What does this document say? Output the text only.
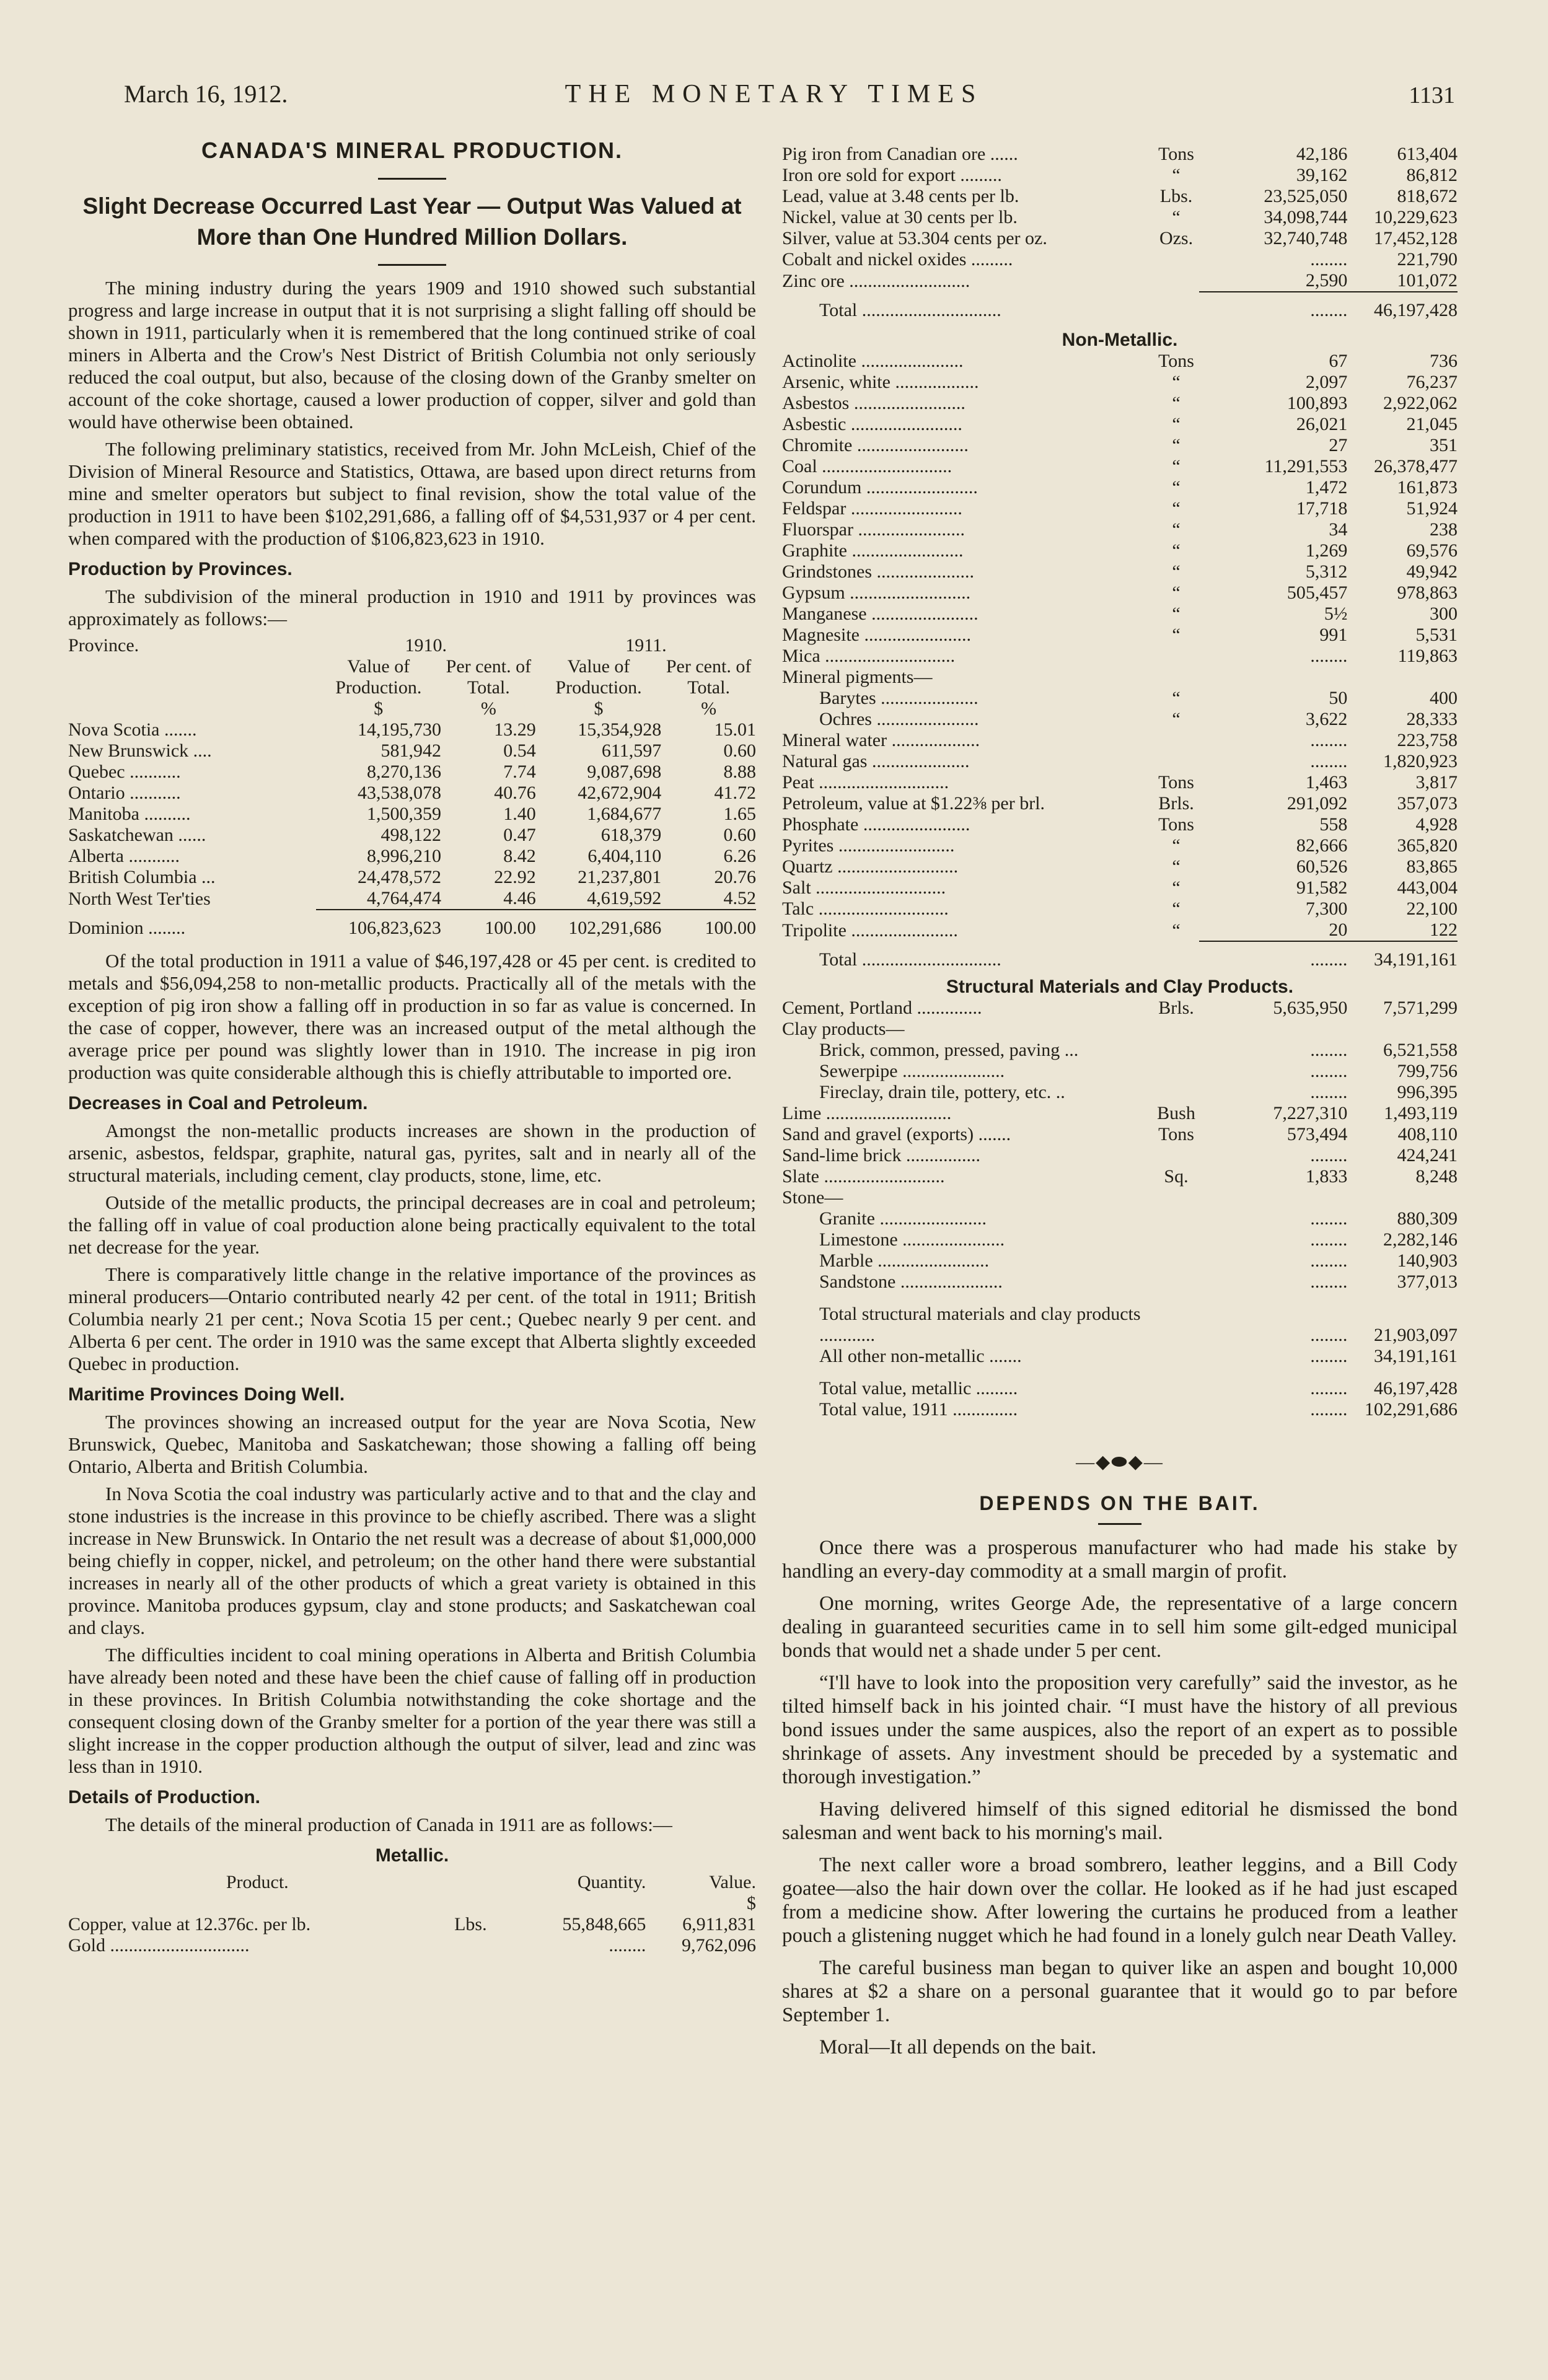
March 16, 1912.	THE MONETARY TIMES	1131
CANADA'S MINERAL PRODUCTION.
Slight Decrease Occurred Last Year — Output Was Valued at More than One Hundred Million Dollars.

The mining industry during the years 1909 and 1910 showed such substantial progress and large increase in output that it is not surprising a slight falling off should be shown in 1911, particularly when it is remembered that the long continued strike of coal miners in Alberta and the Crow's Nest District of British Columbia not only seriously reduced the coal output, but also, because of the closing down of the Granby smelter on account of the coke shortage, caused a lower production of copper, silver and gold than would have otherwise been obtained.

The following preliminary statistics, received from Mr. John McLeish, Chief of the Division of Mineral Resource and Statistics, Ottawa, are based upon direct returns from mine and smelter operators but subject to final revision, show the total value of the production in 1911 to have been $102,291,686, a falling off of $4,531,937 or 4 per cent. when compared with the production of $106,823,623 in 1910.

Production by Provinces.

The subdivision of the mineral production in 1910 and 1911 by provinces was approximately as follows:—

Province.	1910.		1911.	
	Value of Production.	Per cent. of Total.	Value of Production.	Per cent. of Total.
	$	%	$	%
Nova Scotia .......	14,195,730	13.29	15,354,928	15.01
New Brunswick ....	581,942	0.54	611,597	0.60
Quebec ...........	8,270,136	7.74	9,087,698	8.88
Ontario ...........	43,538,078	40.76	42,672,904	41.72
Manitoba ..........	1,500,359	1.40	1,684,677	1.65
Saskatchewan ......	498,122	0.47	618,379	0.60
Alberta ...........	8,996,210	8.42	6,404,110	6.26
British Columbia ...	24,478,572	22.92	21,237,801	20.76
North West Ter'ties	4,764,474	4.46	4,619,592	4.52
Dominion ........	106,823,623	100.00	102,291,686	100.00

Of the total production in 1911 a value of $46,197,428 or 45 per cent. is credited to metals and $56,094,258 to non-metallic products. Practically all of the metals with the exception of pig iron show a falling off in production in so far as value is concerned. In the case of copper, however, there was an increased output of the metal although the average price per pound was slightly lower than in 1910. The increase in pig iron production was quite considerable although this is chiefly attributable to imported ore.

Decreases in Coal and Petroleum.

Amongst the non-metallic products increases are shown in the production of arsenic, asbestos, feldspar, graphite, natural gas, pyrites, salt and in nearly all of the structural materials, including cement, clay products, stone, lime, etc.

Outside of the metallic products, the principal decreases are in coal and petroleum; the falling off in value of coal production alone being practically equivalent to the total net decrease for the year.

There is comparatively little change in the relative importance of the provinces as mineral producers—Ontario contributed nearly 42 per cent. of the total in 1911; British Columbia nearly 21 per cent.; Nova Scotia 15 per cent.; Quebec nearly 9 per cent. and Alberta 6 per cent. The order in 1910 was the same except that Alberta slightly exceeded Quebec in production.

Maritime Provinces Doing Well.

The provinces showing an increased output for the year are Nova Scotia, New Brunswick, Quebec, Manitoba and Saskatchewan; those showing a falling off being Ontario, Alberta and British Columbia.

In Nova Scotia the coal industry was particularly active and to that and the clay and stone industries is the increase in this province to be chiefly ascribed. There was a slight increase in New Brunswick. In Ontario the net result was a decrease of about $1,000,000 being chiefly in copper, nickel, and petroleum; on the other hand there were substantial increases in nearly all of the other products of which a great variety is obtained in this province. Manitoba produces gypsum, clay and stone products; and Saskatchewan coal and clays.

The difficulties incident to coal mining operations in Alberta and British Columbia have already been noted and these have been the chief cause of falling off in production in these provinces. In British Columbia notwithstanding the coke shortage and the consequent closing down of the Granby smelter for a portion of the year there was still a slight increase in the copper production although the output of silver, lead and zinc was less than in 1910.

Details of Production.

The details of the mineral production of Canada in 1911 are as follows:—

Metallic.
Product.		Quantity.	Value.
			$
Copper, value at 12.376c. per lb.	Lbs.	55,848,665	6,911,831
Gold ..............................		........	9,762,096
Pig iron from Canadian ore ......	Tons	42,186	613,404
Iron ore sold for export .........	“	39,162	86,812
Lead, value at 3.48 cents per lb.	Lbs.	23,525,050	818,672
Nickel, value at 30 cents per lb.	“	34,098,744	10,229,623
Silver, value at 53.304 cents per oz.	Ozs.	32,740,748	17,452,128
Cobalt and nickel oxides .........		........	221,790
Zinc ore ..........................		2,590	101,072
Total ..............................		........	46,197,428
Non-Metallic.			
Actinolite ......................	Tons	67	736
Arsenic, white ..................	“	2,097	76,237
Asbestos ........................	“	100,893	2,922,062
Asbestic ........................	“	26,021	21,045
Chromite ........................	“	27	351
Coal ............................	“	11,291,553	26,378,477
Corundum ........................	“	1,472	161,873
Feldspar ........................	“	17,718	51,924
Fluorspar .......................	“	34	238
Graphite ........................	“	1,269	69,576
Grindstones .....................	“	5,312	49,942
Gypsum ..........................	“	505,457	978,863
Manganese .......................	“	5½	300
Magnesite .......................	“	991	5,531
Mica ............................		........	119,863
Mineral pigments—			
Barytes .....................	“	50	400
Ochres ......................	“	3,622	28,333
Mineral water ...................		........	223,758
Natural gas .....................		........	1,820,923
Peat ............................	Tons	1,463	3,817
Petroleum, value at $1.22⅜ per brl.	Brls.	291,092	357,073
Phosphate .......................	Tons	558	4,928
Pyrites .........................	“	82,666	365,820
Quartz ..........................	“	60,526	83,865
Salt ............................	“	91,582	443,004
Talc ............................	“	7,300	22,100
Tripolite .......................	“	20	122
Total ..............................		........	34,191,161
Structural Materials and Clay Products.			
Cement, Portland ..............	Brls.	5,635,950	7,571,299
Clay products—			
Brick, common, pressed, paving ...		........	6,521,558
Sewerpipe ......................		........	799,756
Fireclay, drain tile, pottery, etc. ..		........	996,395
Lime ...........................	Bush	7,227,310	1,493,119
Sand and gravel (exports) .......	Tons	573,494	408,110
Sand-lime brick ................		........	424,241
Slate ..........................	Sq.	1,833	8,248
Stone—			
Granite .......................		........	880,309
Limestone ......................		........	2,282,146
Marble ........................		........	140,903
Sandstone ......................		........	377,013
Total structural materials and clay products ............		........	21,903,097
All other non-metallic .......		........	34,191,161
Total value, metallic .........		........	46,197,428
Total value, 1911 ..............		........	102,291,686
—◆⬬◆—
DEPENDS ON THE BAIT.

Once there was a prosperous manufacturer who had made his stake by handling an every-day commodity at a small margin of profit.

One morning, writes George Ade, the representative of a large concern dealing in guaranteed securities came in to sell him some gilt-edged municipal bonds that would net a shade under 5 per cent.

“I'll have to look into the proposition very carefully” said the investor, as he tilted himself back in his jointed chair. “I must have the history of all previous bond issues under the same auspices, also the report of an expert as to possible shrinkage of assets. Any investment should be preceded by a systematic and thorough investigation.”

Having delivered himself of this signed editorial he dismissed the bond salesman and went back to his morning's mail.

The next caller wore a broad sombrero, leather leggins, and a Bill Cody goatee—also the hair down over the collar. He looked as if he had just escaped from a medicine show. After lowering the curtains he produced from a leather pouch a glistening nugget which he had found in a lonely gulch near Death Valley.

The careful business man began to quiver like an aspen and bought 10,000 shares at $2 a share on a personal guarantee that it would go to par before September 1.

Moral—It all depends on the bait.
